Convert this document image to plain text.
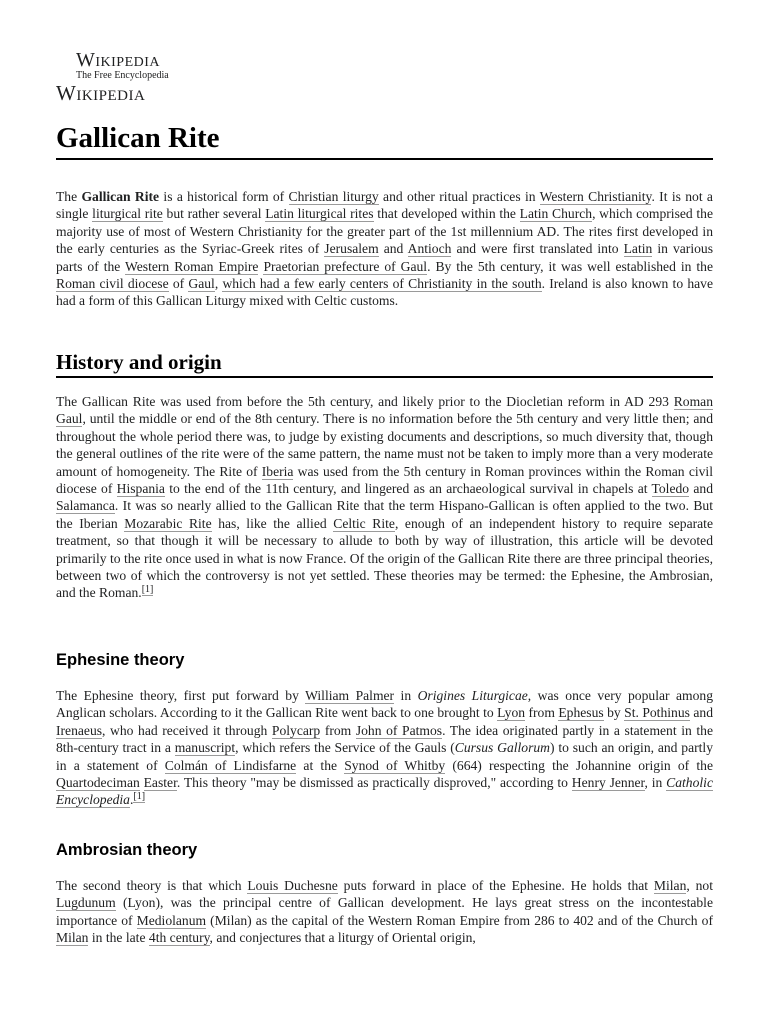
Wikipedia
The Free Encyclopedia
Wikipedia
Gallican Rite

The Gallican Rite is a historical form of Christian liturgy and other ritual practices in Western Christianity. It is not a single liturgical rite but rather several Latin liturgical rites that developed within the Latin Church, which comprised the majority use of most of Western Christianity for the greater part of the 1st millennium AD. The rites first developed in the early centuries as the Syriac-Greek rites of Jerusalem and Antioch and were first translated into Latin in various parts of the Western Roman Empire Praetorian prefecture of Gaul. By the 5th century, it was well established in the Roman civil diocese of Gaul, which had a few early centers of Christianity in the south. Ireland is also known to have had a form of this Gallican Liturgy mixed with Celtic customs.

History and origin

The Gallican Rite was used from before the 5th century, and likely prior to the Diocletian reform in AD 293 Roman Gaul, until the middle or end of the 8th century. There is no information before the 5th century and very little then; and throughout the whole period there was, to judge by existing documents and descriptions, so much diversity that, though the general outlines of the rite were of the same pattern, the name must not be taken to imply more than a very moderate amount of homogeneity. The Rite of Iberia was used from the 5th century in Roman provinces within the Roman civil diocese of Hispania to the end of the 11th century, and lingered as an archaeological survival in chapels at Toledo and Salamanca. It was so nearly allied to the Gallican Rite that the term Hispano-Gallican is often applied to the two. But the Iberian Mozarabic Rite has, like the allied Celtic Rite, enough of an independent history to require separate treatment, so that though it will be necessary to allude to both by way of illustration, this article will be devoted primarily to the rite once used in what is now France. Of the origin of the Gallican Rite there are three principal theories, between two of which the controversy is not yet settled. These theories may be termed: the Ephesine, the Ambrosian, and the Roman.[1]

Ephesine theory

The Ephesine theory, first put forward by William Palmer in Origines Liturgicae, was once very popular among Anglican scholars. According to it the Gallican Rite went back to one brought to Lyon from Ephesus by St. Pothinus and Irenaeus, who had received it through Polycarp from John of Patmos. The idea originated partly in a statement in the 8th-century tract in a manuscript, which refers the Service of the Gauls (Cursus Gallorum) to such an origin, and partly in a statement of Colmán of Lindisfarne at the Synod of Whitby (664) respecting the Johannine origin of the Quartodeciman Easter. This theory "may be dismissed as practically disproved," according to Henry Jenner, in Catholic Encyclopedia.[1]

Ambrosian theory

The second theory is that which Louis Duchesne puts forward in place of the Ephesine. He holds that Milan, not Lugdunum (Lyon), was the principal centre of Gallican development. He lays great stress on the incontestable importance of Mediolanum (Milan) as the capital of the Western Roman Empire from 286 to 402 and of the Church of Milan in the late 4th century, and conjectures that a liturgy of Oriental origin,
